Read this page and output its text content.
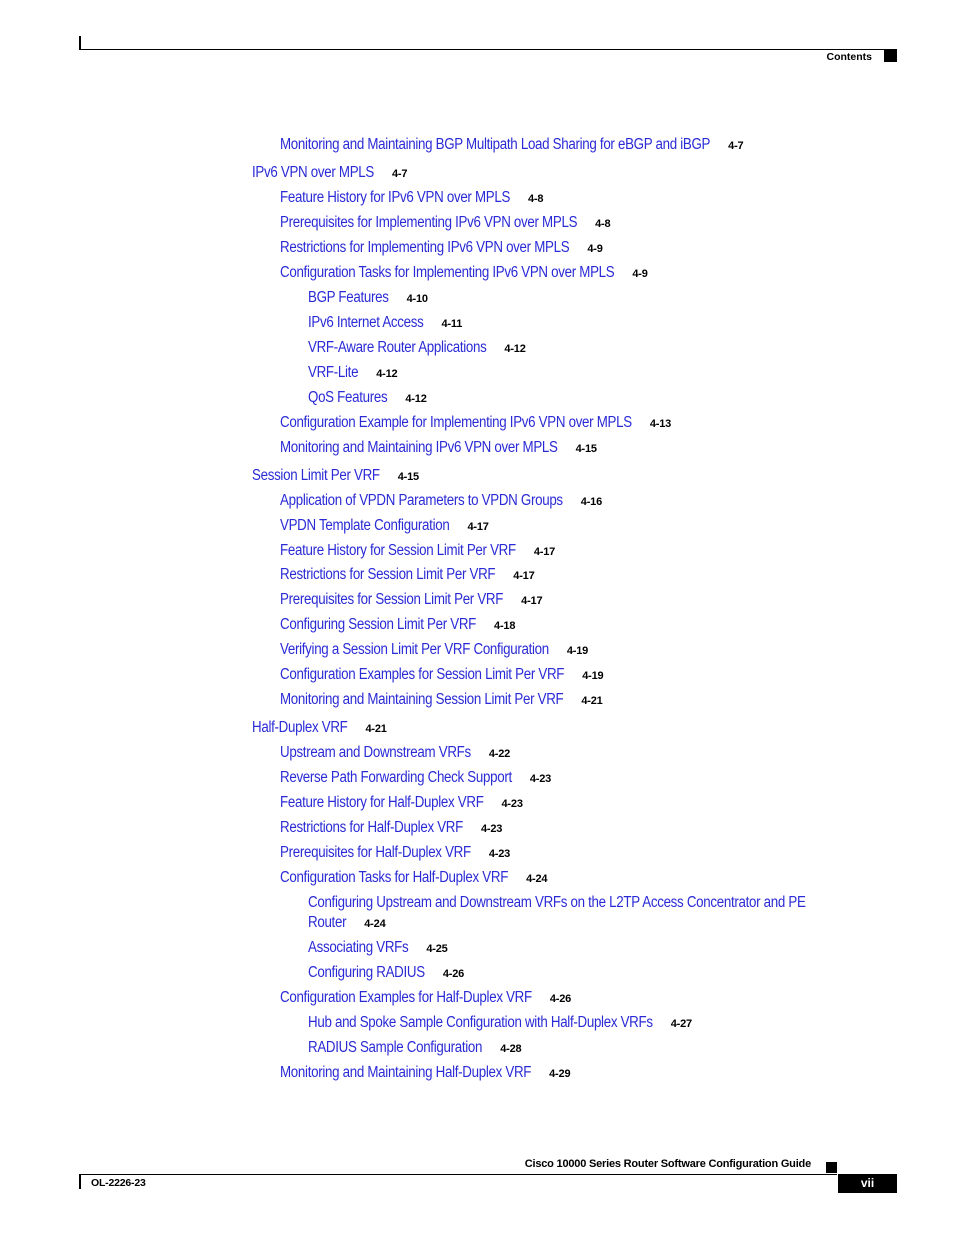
Contents
Monitoring and Maintaining BGP Multipath Load Sharing for eBGP and iBGP 4-7
IPv6 VPN over MPLS 4-7
Feature History for IPv6 VPN over MPLS 4-8
Prerequisites for Implementing IPv6 VPN over MPLS 4-8
Restrictions for Implementing IPv6 VPN over MPLS 4-9
Configuration Tasks for Implementing IPv6 VPN over MPLS 4-9
BGP Features 4-10
IPv6 Internet Access 4-11
VRF-Aware Router Applications 4-12
VRF-Lite 4-12
QoS Features 4-12
Configuration Example for Implementing IPv6 VPN over MPLS 4-13
Monitoring and Maintaining IPv6 VPN over MPLS 4-15
Session Limit Per VRF 4-15
Application of VPDN Parameters to VPDN Groups 4-16
VPDN Template Configuration 4-17
Feature History for Session Limit Per VRF 4-17
Restrictions for Session Limit Per VRF 4-17
Prerequisites for Session Limit Per VRF 4-17
Configuring Session Limit Per VRF 4-18
Verifying a Session Limit Per VRF Configuration 4-19
Configuration Examples for Session Limit Per VRF 4-19
Monitoring and Maintaining Session Limit Per VRF 4-21
Half-Duplex VRF 4-21
Upstream and Downstream VRFs 4-22
Reverse Path Forwarding Check Support 4-23
Feature History for Half-Duplex VRF 4-23
Restrictions for Half-Duplex VRF 4-23
Prerequisites for Half-Duplex VRF 4-23
Configuration Tasks for Half-Duplex VRF 4-24
Configuring Upstream and Downstream VRFs on the L2TP Access Concentrator and PE
Router 4-24
Associating VRFs 4-25
Configuring RADIUS 4-26
Configuration Examples for Half-Duplex VRF 4-26
Hub and Spoke Sample Configuration with Half-Duplex VRFs 4-27
RADIUS Sample Configuration 4-28
Monitoring and Maintaining Half-Duplex VRF 4-29
Cisco 10000 Series Router Software Configuration Guide
OL-2226-23	vii
